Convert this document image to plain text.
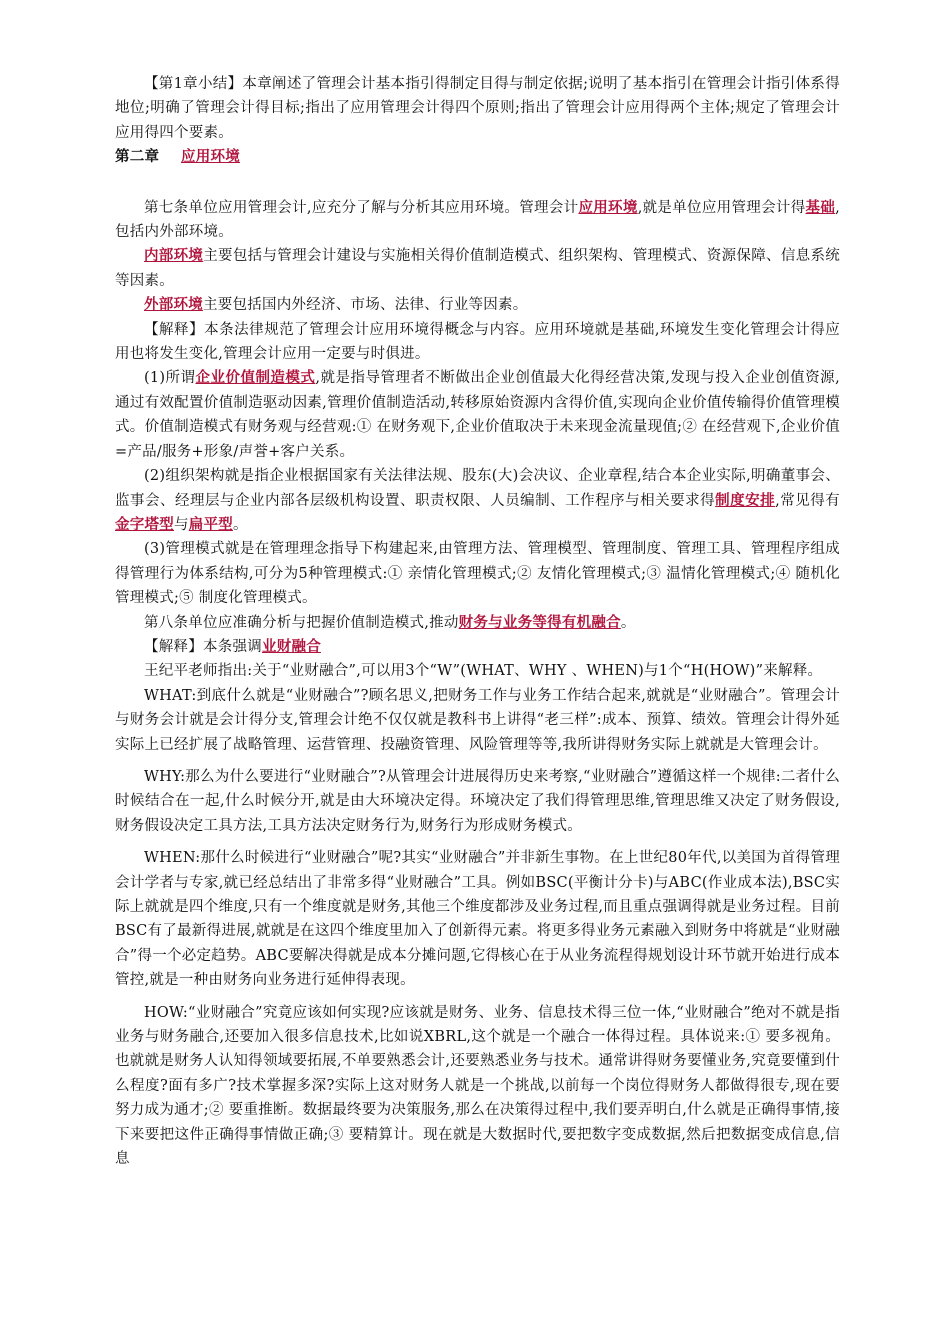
【第1章小结】本章阐述了管理会计基本指引得制定目得与制定依据;说明了基本指引在管理会计指引体系得地位;明确了管理会计得目标;指出了应用管理会计得四个原则;指出了管理会计应用得两个主体;规定了管理会计应用得四个要素。

第二章 应用环境

第七条单位应用管理会计,应充分了解与分析其应用环境。管理会计应用环境,就是单位应用管理会计得基础,包括内外部环境。

内部环境主要包括与管理会计建设与实施相关得价值制造模式、组织架构、管理模式、资源保障、信息系统等因素。

外部环境主要包括国内外经济、市场、法律、行业等因素。

【解释】本条法律规范了管理会计应用环境得概念与内容。应用环境就是基础,环境发生变化管理会计得应用也将发生变化,管理会计应用一定要与时俱进。

(1)所谓企业价值制造模式,就是指导管理者不断做出企业创值最大化得经营决策,发现与投入企业创值资源,通过有效配置价值制造驱动因素,管理价值制造活动,转移原始资源内含得价值,实现向企业价值传输得价值管理模式。价值制造模式有财务观与经营观:① 在财务观下,企业价值取决于未来现金流量现值;② 在经营观下,企业价值=产品/服务+形象/声誉+客户关系。

(2)组织架构就是指企业根据国家有关法律法规、股东(大)会决议、企业章程,结合本企业实际,明确董事会、监事会、经理层与企业内部各层级机构设置、职责权限、人员编制、工作程序与相关要求得制度安排,常见得有金字塔型与扁平型。

(3)管理模式就是在管理理念指导下构建起来,由管理方法、管理模型、管理制度、管理工具、管理程序组成得管理行为体系结构,可分为5种管理模式:① 亲情化管理模式;② 友情化管理模式;③ 温情化管理模式;④ 随机化管理模式;⑤ 制度化管理模式。

第八条单位应准确分析与把握价值制造模式,推动财务与业务等得有机融合。

【解释】本条强调业财融合

王纪平老师指出:关于“业财融合”,可以用3个“W”(WHAT、WHY 、WHEN)与1个“H(HOW)”来解释。

WHAT:到底什么就是“业财融合”?顾名思义,把财务工作与业务工作结合起来,就就是“业财融合”。管理会计与财务会计就是会计得分支,管理会计绝不仅仅就是教科书上讲得“老三样”:成本、预算、绩效。管理会计得外延实际上已经扩展了战略管理、运营管理、投融资管理、风险管理等等,我所讲得财务实际上就就是大管理会计。

WHY:那么为什么要进行“业财融合”?从管理会计进展得历史来考察,“业财融合”遵循这样一个规律:二者什么时候结合在一起,什么时候分开,就是由大环境决定得。环境决定了我们得管理思维,管理思维又决定了财务假设,财务假设决定工具方法,工具方法决定财务行为,财务行为形成财务模式。

WHEN:那什么时候进行“业财融合”呢?其实“业财融合”并非新生事物。在上世纪80年代,以美国为首得管理会计学者与专家,就已经总结出了非常多得“业财融合”工具。例如BSC(平衡计分卡)与ABC(作业成本法),BSC实际上就就是四个维度,只有一个维度就是财务,其他三个维度都涉及业务过程,而且重点强调得就是业务过程。目前BSC有了最新得进展,就就是在这四个维度里加入了创新得元素。将更多得业务元素融入到财务中将就是“业财融合”得一个必定趋势。ABC要解决得就是成本分摊问题,它得核心在于从业务流程得规划设计环节就开始进行成本管控,就是一种由财务向业务进行延伸得表现。

HOW:“业财融合”究竟应该如何实现?应该就是财务、业务、信息技术得三位一体,“业财融合”绝对不就是指业务与财务融合,还要加入很多信息技术,比如说XBRL,这个就是一个融合一体得过程。具体说来:① 要多视角。也就就是财务人认知得领域要拓展,不单要熟悉会计,还要熟悉业务与技术。通常讲得财务要懂业务,究竟要懂到什么程度?面有多广?技术掌握多深?实际上这对财务人就是一个挑战,以前每一个岗位得财务人都做得很专,现在要努力成为通才;② 要重推断。数据最终要为决策服务,那么在决策得过程中,我们要弄明白,什么就是正确得事情,接下来要把这件正确得事情做正确;③ 要精算计。现在就是大数据时代,要把数字变成数据,然后把数据变成信息,信息
